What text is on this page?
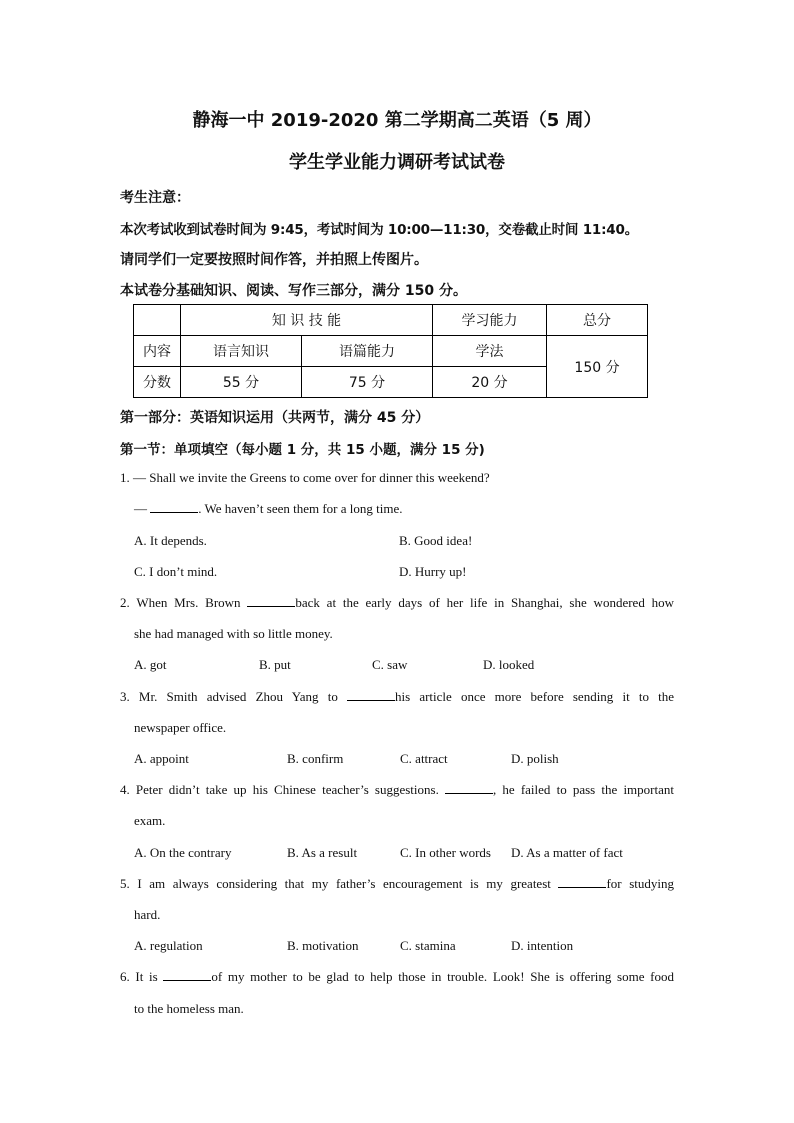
静海一中 2019-2020 第二学期高二英语（5 周）
学生学业能力调研考试试卷
考生注意：
本次考试收到试卷时间为 9:45，考试时间为 10:00—11:30，交卷截止时间 11:40。
请同学们一定要按照时间作答，并拍照上传图片。
本试卷分基础知识、阅读、写作三部分，满分 150 分。
	知 识 技 能		学习能力	总分
内容	语言知识	语篇能力	学法	150 分
分数	55 分	75 分	20 分	
第一部分：英语知识运用（共两节，满分 45 分）
第一节：单项填空（每小题 1 分，共 15 小题，满分 15 分)
1. — Shall we invite the Greens to come over for dinner this weekend?
—	. We haven’t seen them for a long time.
A. It depends.	B. Good idea!
C. I don’t mind.	D. Hurry up!
2. When Mrs. Brown	back at the early days of her life in Shanghai, she wondered how
she had managed with so little money.
A. got	B. put	C. saw	D. looked
3. Mr. Smith advised Zhou Yang to	his article once more before sending it to the
newspaper office.
A. appoint	B. confirm	C. attract	D. polish
4. Peter didn’t take up his Chinese teacher’s suggestions.	, he failed to pass the important
exam.
A. On the contrary	B. As a result	C. In other words D. As a matter of fact
5. I am always considering that my father’s encouragement is my greatest	for studying
hard.
A. regulation	B. motivation	C. stamina	D. intention
6. It is	of my mother to be glad to help those in trouble. Look! She is offering some food
to the homeless man.
